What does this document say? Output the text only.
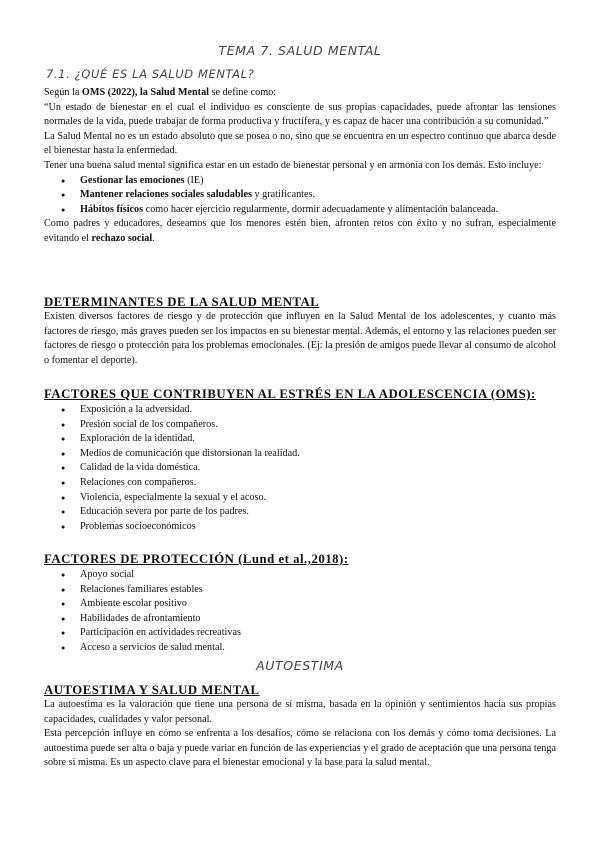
TEMA 7. SALUD MENTAL
7.1. ¿QUÉ ES LA SALUD MENTAL?

Según la OMS (2022), la Salud Mental se define como:

“Un estado de bienestar en el cual el individuo es consciente de sus propias capacidades, puede afrontar las tensiones normales de la vida, puede trabajar de forma productiva y fructífera, y es capaz de hacer una contribución a su comunidad.”

La Salud Mental no es un estado absoluto que se posea o no, sino que se encuentra en un espectro continuo que abarca desde el bienestar hasta la enfermedad.

Tener una buena salud mental significa estar en un estado de bienestar personal y en armonía con los demás. Esto incluye:

● Gestionar las emociones (IE)
● Mantener relaciones sociales saludables y gratificantes.
● Hábitos físicos como hacer ejercicio regularmente, dormir adecuadamente y alimentación balanceada.

Como padres y educadores, deseamos que los menores estén bien, afronten retos con éxito y no sufran, especialmente evitando el rechazo social.

DETERMINANTES DE LA SALUD MENTAL

Existen diversos factores de riesgo y de protección que influyen en la Salud Mental de los adolescentes, y cuanto más factores de riesgo, más graves pueden ser los impactos en su bienestar mental. Además, el entorno y las relaciones pueden ser factores de riesgo o protección para los problemas emocionales. (Ej: la presión de amigos puede llevar al consumo de alcohol o fomentar el deporte).

FACTORES QUE CONTRIBUYEN AL ESTRÉS EN LA ADOLESCENCIA (OMS):
● Exposición a la adversidad.
● Presión social de los compañeros.
● Exploración de la identidad.
● Medios de comunicación que distorsionan la realidad.
● Calidad de la vida doméstica.
● Relaciones con compañeros.
● Violencia, especialmente la sexual y el acoso.
● Educación severa por parte de los padres.
● Problemas socioeconómicos
FACTORES DE PROTECCIÓN (Lund et al.,2018):
● Apoyo social
● Relaciones familiares estables
● Ambiente escolar positivo
● Habilidades de afrontamiento
● Participación en actividades recreativas
● Acceso a servicios de salud mental.
AUTOESTIMA
AUTOESTIMA Y SALUD MENTAL

La autoestima es la valoración que tiene una persona de sí misma, basada en la opinión y sentimientos hacia sus propias capacidades, cualidades y valor personal.

Esta percepción influye en cómo se enfrenta a los desafíos, cómo se relaciona con los demás y cómo toma decisiones. La autoestima puede ser alta o baja y puede variar en función de las experiencias y el grado de aceptación que una persona tenga sobre sí misma. Es un aspecto clave para el bienestar emocional y la base para la salud mental.
